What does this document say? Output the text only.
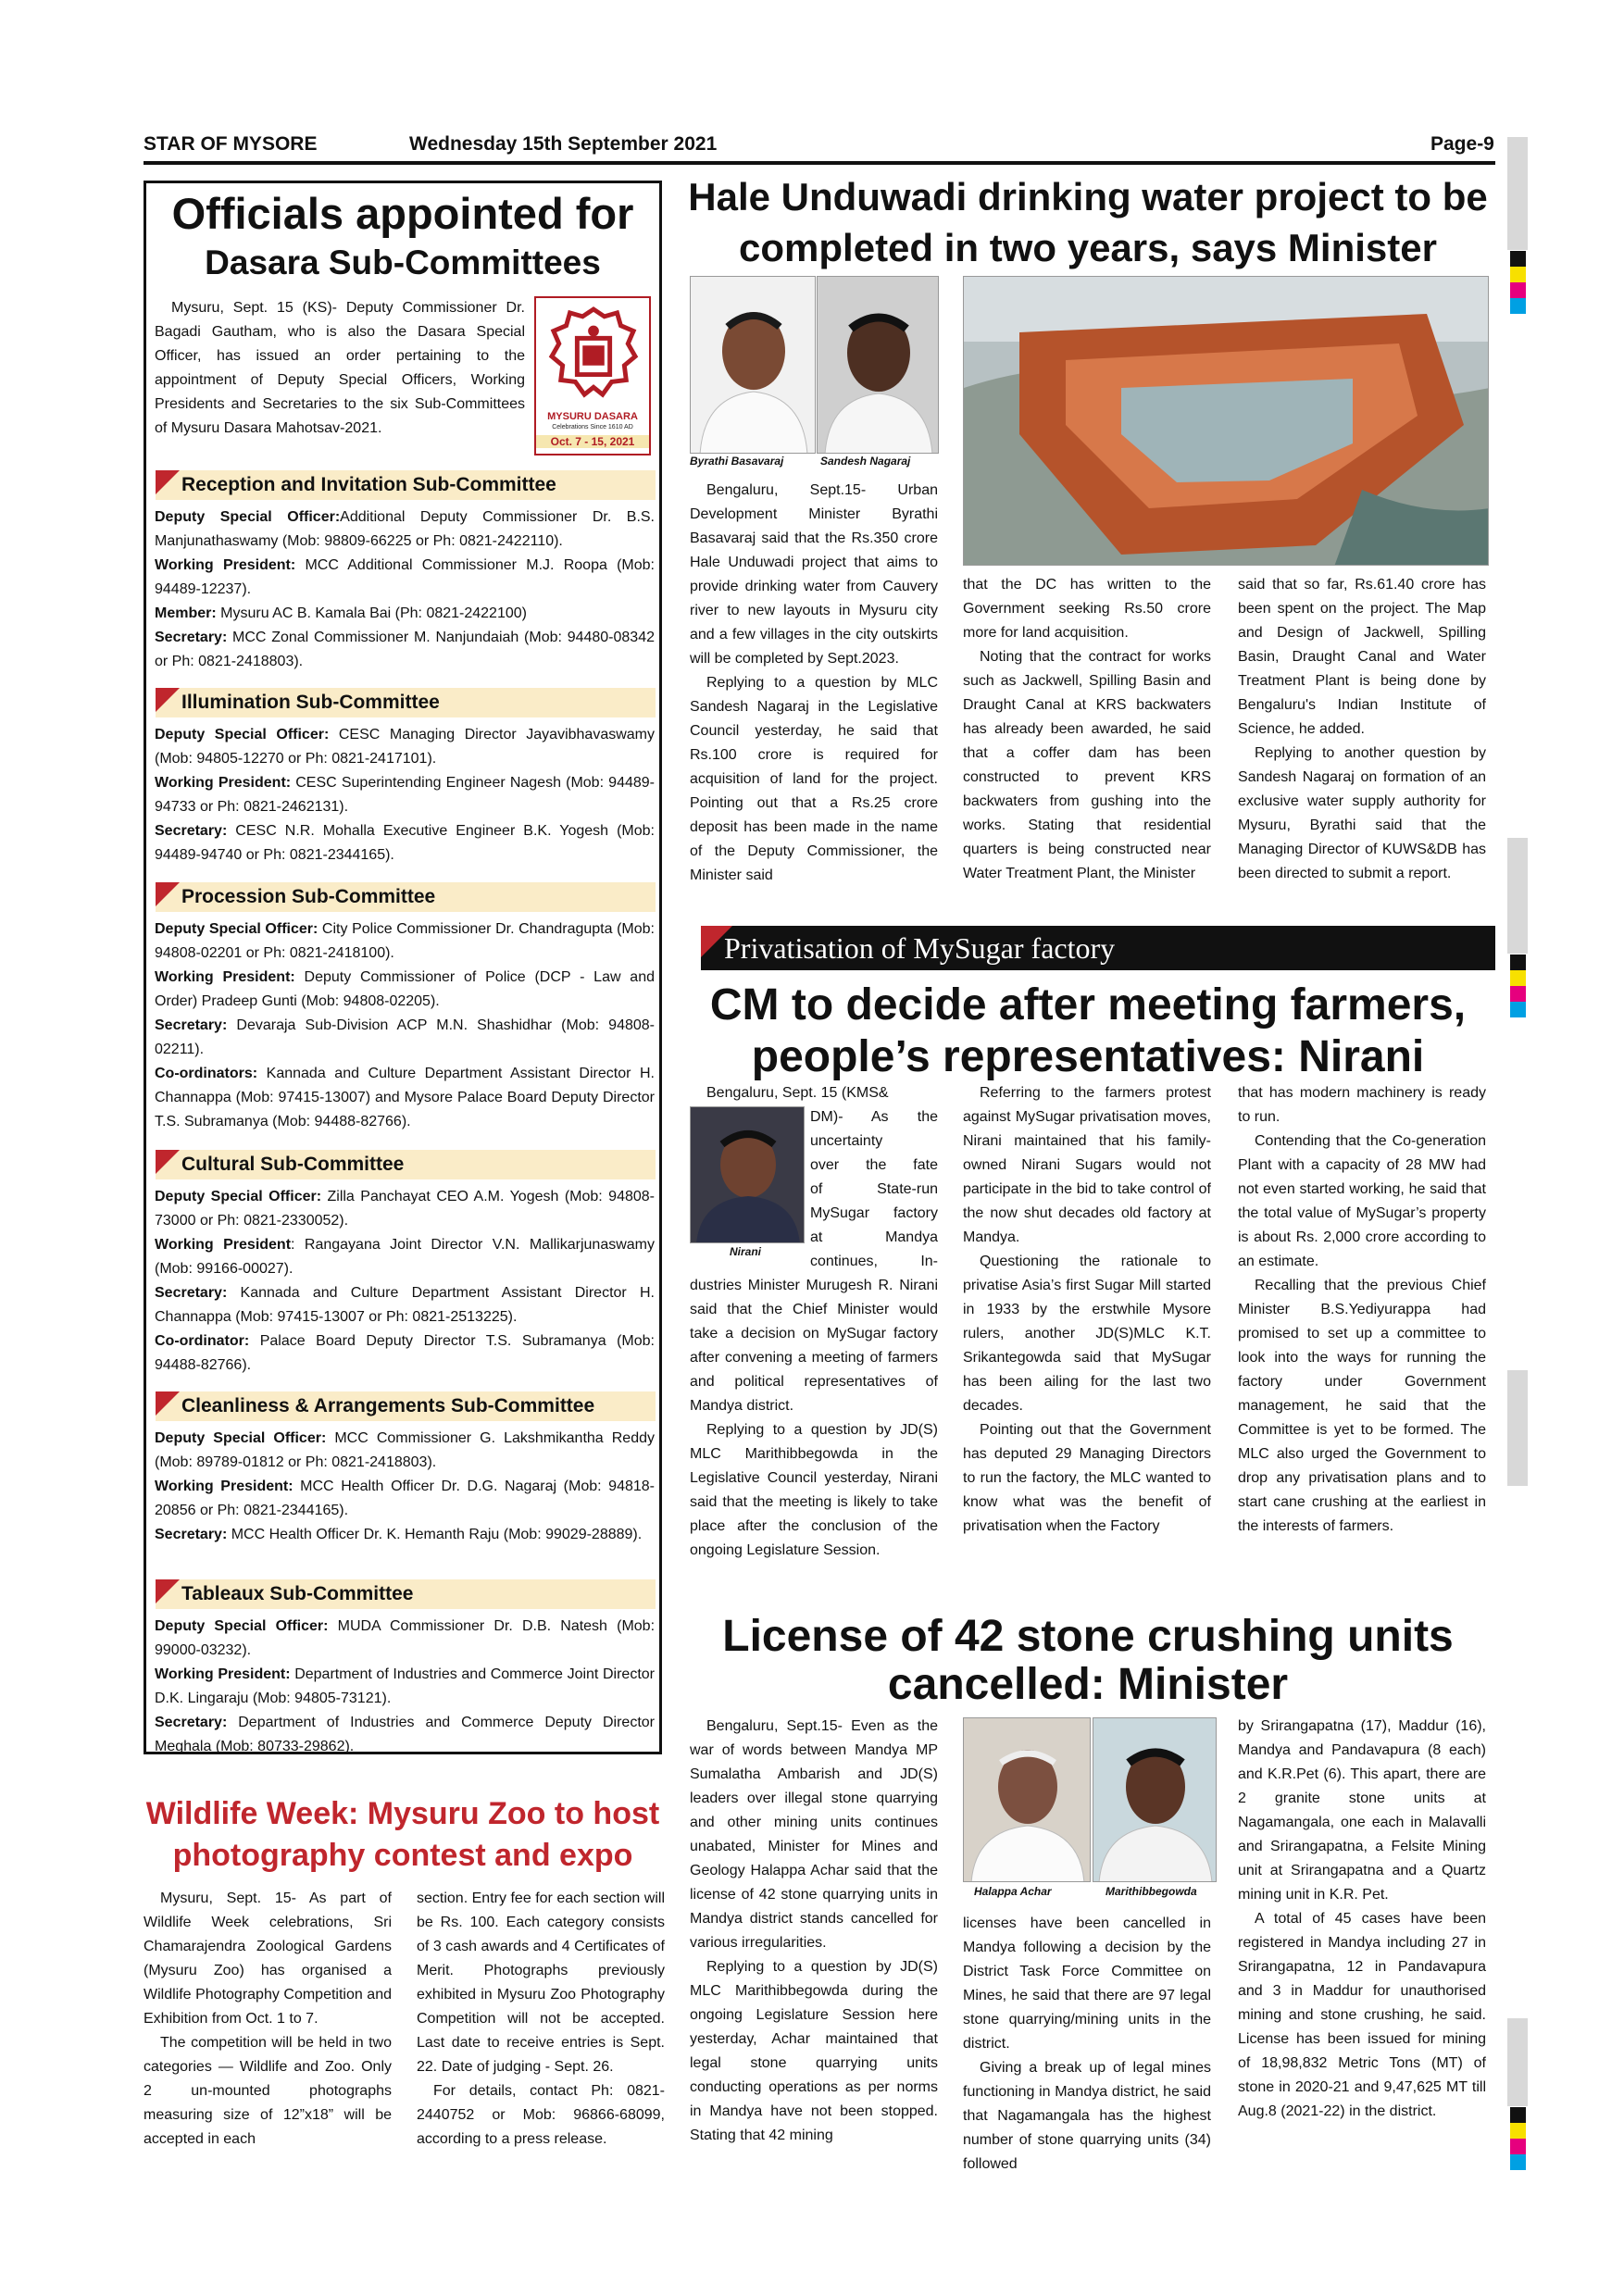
STAR OF MYSORE	Wednesday 15th September 2021	Page-9
Officials appointed for
Dasara Sub-Committees
Mysuru, Sept. 15 (KS)- Deputy Commissioner Dr. Bagadi Gautham, who is also the Dasara Special Officer, has issued an order pertaining to the appointment of Deputy Special Officers, Working Presidents and Secretaries to the six Sub-Committees of Mysuru Dasara Mahotsav-2021.
MYSURU DASARA
Celebrations Since 1610 AD
Oct. 7 - 15, 2021
Reception and Invitation Sub-Committee

Deputy Special Officer:Additional Deputy Commissioner Dr. B.S. Manjunathaswamy (Mob: 98809-66225 or Ph: 0821-2422110).

Working President: MCC Additional Commissioner M.J. Roopa (Mob: 94489-12237).

Member: Mysuru AC B. Kamala Bai (Ph: 0821-2422100)

Secretary: MCC Zonal Commissioner M. Nanjundaiah (Mob: 94480-08342 or Ph: 0821-2418803).

Illumination Sub-Committee

Deputy Special Officer: CESC Managing Director Jayavibhavaswamy (Mob: 94805-12270 or Ph: 0821-2417101).

Working President: CESC Superintending Engineer Nagesh (Mob: 94489-94733 or Ph: 0821-2462131).

Secretary: CESC N.R. Mohalla Executive Engineer B.K. Yogesh (Mob: 94489-94740 or Ph: 0821-2344165).

Procession Sub-Committee

Deputy Special Officer: City Police Commissioner Dr. Chandragupta (Mob: 94808-02201 or Ph: 0821-2418100).

Working President: Deputy Commissioner of Police (DCP - Law and Order) Pradeep Gunti (Mob: 94808-02205).

Secretary: Devaraja Sub-Division ACP M.N. Shashidhar (Mob: 94808-02211).

Co-ordinators: Kannada and Culture Department Assistant Director H. Channappa (Mob: 97415-13007) and Mysore Palace Board Deputy Director T.S. Subramanya (Mob: 94488-82766).

Cultural Sub-Committee

Deputy Special Officer: Zilla Panchayat CEO A.M. Yogesh (Mob: 94808-73000 or Ph: 0821-2330052).

Working President: Rangayana Joint Director V.N. Mallikarjunaswamy (Mob: 99166-00027).

Secretary: Kannada and Culture Department Assistant Director H. Channappa (Mob: 97415-13007 or Ph: 0821-2513225).

Co-ordinator: Palace Board Deputy Director T.S. Subramanya (Mob: 94488-82766).

Cleanliness & Arrangements Sub-Committee

Deputy Special Officer: MCC Commissioner G. Lakshmikantha Reddy (Mob: 89789-01812 or Ph: 0821-2418803).

Working President: MCC Health Officer Dr. D.G. Nagaraj (Mob: 94818-20856 or Ph: 0821-2344165).

Secretary: MCC Health Officer Dr. K. Hemanth Raju (Mob: 99029-28889).

Tableaux Sub-Committee

Deputy Special Officer: MUDA Commissioner Dr. D.B. Natesh (Mob: 99000-03232).

Working President: Department of Industries and Commerce Joint Director D.K. Lingaraju (Mob: 94805-73121).

Secretary: Department of Industries and Commerce Deputy Director Meghala (Mob: 80733-29862).

Hale Unduwadi drinking water project to be
completed in two years, says Minister
Byrathi Basavaraj	Sandesh Nagaraj

Bengaluru, Sept.15- Urban Development Minister Byrathi Basavaraj said that the Rs.350 crore Hale Unduwadi project that aims to provide drinking water from Cauvery river to new layouts in Mysuru city and a few villages in the city outskirts will be completed by Sept.2023.

Replying to a question by MLC Sandesh Nagaraj in the Legislative Council yesterday, he said that Rs.100 crore is required for acquisition of land for the project. Pointing out that a Rs.25 crore deposit has been made in the name of the Deputy Commissioner, the Minister said

that the DC has written to the Government seeking Rs.50 crore more for land acquisition.

Noting that the contract for works such as Jackwell, Spilling Basin and Draught Canal at KRS backwaters has already been awarded, he said that a coffer dam has been constructed to prevent KRS backwaters from gushing into the works. Stating that residential quarters is being constructed near Water Treatment Plant, the Minister

said that so far, Rs.61.40 crore has been spent on the project. The Map and Design of Jackwell, Spilling Basin, Draught Canal and Water Treatment Plant is being done by Bengaluru's Indian Institute of Science, he added.

Replying to another question by Sandesh Nagaraj on formation of an exclusive water supply authority for Mysuru, Byrathi said that the Managing Director of KUWS&DB has been directed to submit a report.

Privatisation of MySugar factory
CM to decide after meeting farmers,
people’s representatives: Nirani
Nirani
Bengaluru, Sept. 15 (KMS&
DM)- As the
uncertainty
over the fate
of State-run
MySugar factory
at Mandya
continues, In-

dustries Minister Murugesh R. Nirani said that the Chief Minister would take a decision on MySugar factory after convening a meeting of farmers and political representatives of Mandya district.

Replying to a question by JD(S) MLC Marithibbegowda in the Legislative Council yesterday, Nirani said that the meeting is likely to take place after the conclusion of the ongoing Legislature Session.

Referring to the farmers protest against MySugar privatisation moves, Nirani maintained that his family-owned Nirani Sugars would not participate in the bid to take control of the now shut decades old factory at Mandya.

Questioning the rationale to privatise Asia’s first Sugar Mill started in 1933 by the erstwhile Mysore rulers, another JD(S)MLC K.T. Srikantegowda said that MySugar has been ailing for the last two decades.

Pointing out that the Government has deputed 29 Managing Directors to run the factory, the MLC wanted to know what was the benefit of privatisation when the Factory

that has modern machinery is ready to run.

Contending that the Co-generation Plant with a capacity of 28 MW had not even started working, he said that the total value of MySugar’s property is about Rs. 2,000 crore according to an estimate.

Recalling that the previous Chief Minister B.S.Yediyurappa had promised to set up a committee to look into the ways for running the factory under Government management, he said that the Committee is yet to be formed. The MLC also urged the Government to drop any privatisation plans and to start cane crushing at the earliest in the interests of farmers.

License of 42 stone crushing units
cancelled: Minister
Halappa Achar	Marithibbegowda

Bengaluru, Sept.15- Even as the war of words between Mandya MP Sumalatha Ambarish and JD(S) leaders over illegal stone quarrying and other mining units continues unabated, Minister for Mines and Geology Halappa Achar said that the license of 42 stone quarrying units in Mandya district stands cancelled for various irregularities.

Replying to a question by JD(S) MLC Marithibbegowda during the ongoing Legislature Session here yesterday, Achar maintained that legal stone quarrying units conducting operations as per norms in Mandya have not been stopped. Stating that 42 mining

licenses have been cancelled in Mandya following a decision by the District Task Force Committee on Mines, he said that there are 97 legal stone quarrying/mining units in the district.

Giving a break up of legal mines functioning in Mandya district, he said that Nagamangala has the highest number of stone quarrying units (34) followed

by Srirangapatna (17), Maddur (16), Mandya and Pandavapura (8 each) and K.R.Pet (6). This apart, there are 2 granite stone units at Nagamangala, one each in Malavalli and Srirangapatna, a Felsite Mining unit at Srirangapatna and a Quartz mining unit in K.R. Pet.

A total of 45 cases have been registered in Mandya including 27 in Srirangapatna, 12 in Pandavapura and 3 in Maddur for unauthorised mining and stone crushing, he said. License has been issued for mining of 18,98,832 Metric Tons (MT) of stone in 2020-21 and 9,47,625 MT till Aug.8 (2021-22) in the district.

Wildlife Week: Mysuru Zoo to host
photography contest and expo

Mysuru, Sept. 15- As part of Wildlife Week celebrations, Sri Chamarajendra Zoological Gardens (Mysuru Zoo) has organised a Wildlife Photography Competition and Exhibition from Oct. 1 to 7.

The competition will be held in two categories — Wildlife and Zoo. Only 2 un-mounted photographs measuring size of 12”x18” will be accepted in each

section. Entry fee for each section will be Rs. 100. Each category consists of 3 cash awards and 4 Certificates of Merit. Photographs previously exhibited in Mysuru Zoo Photography Competition will not be accepted. Last date to receive entries is Sept. 22. Date of judging - Sept. 26.

For details, contact Ph: 0821-2440752 or Mob: 96866-68099, according to a press release.
